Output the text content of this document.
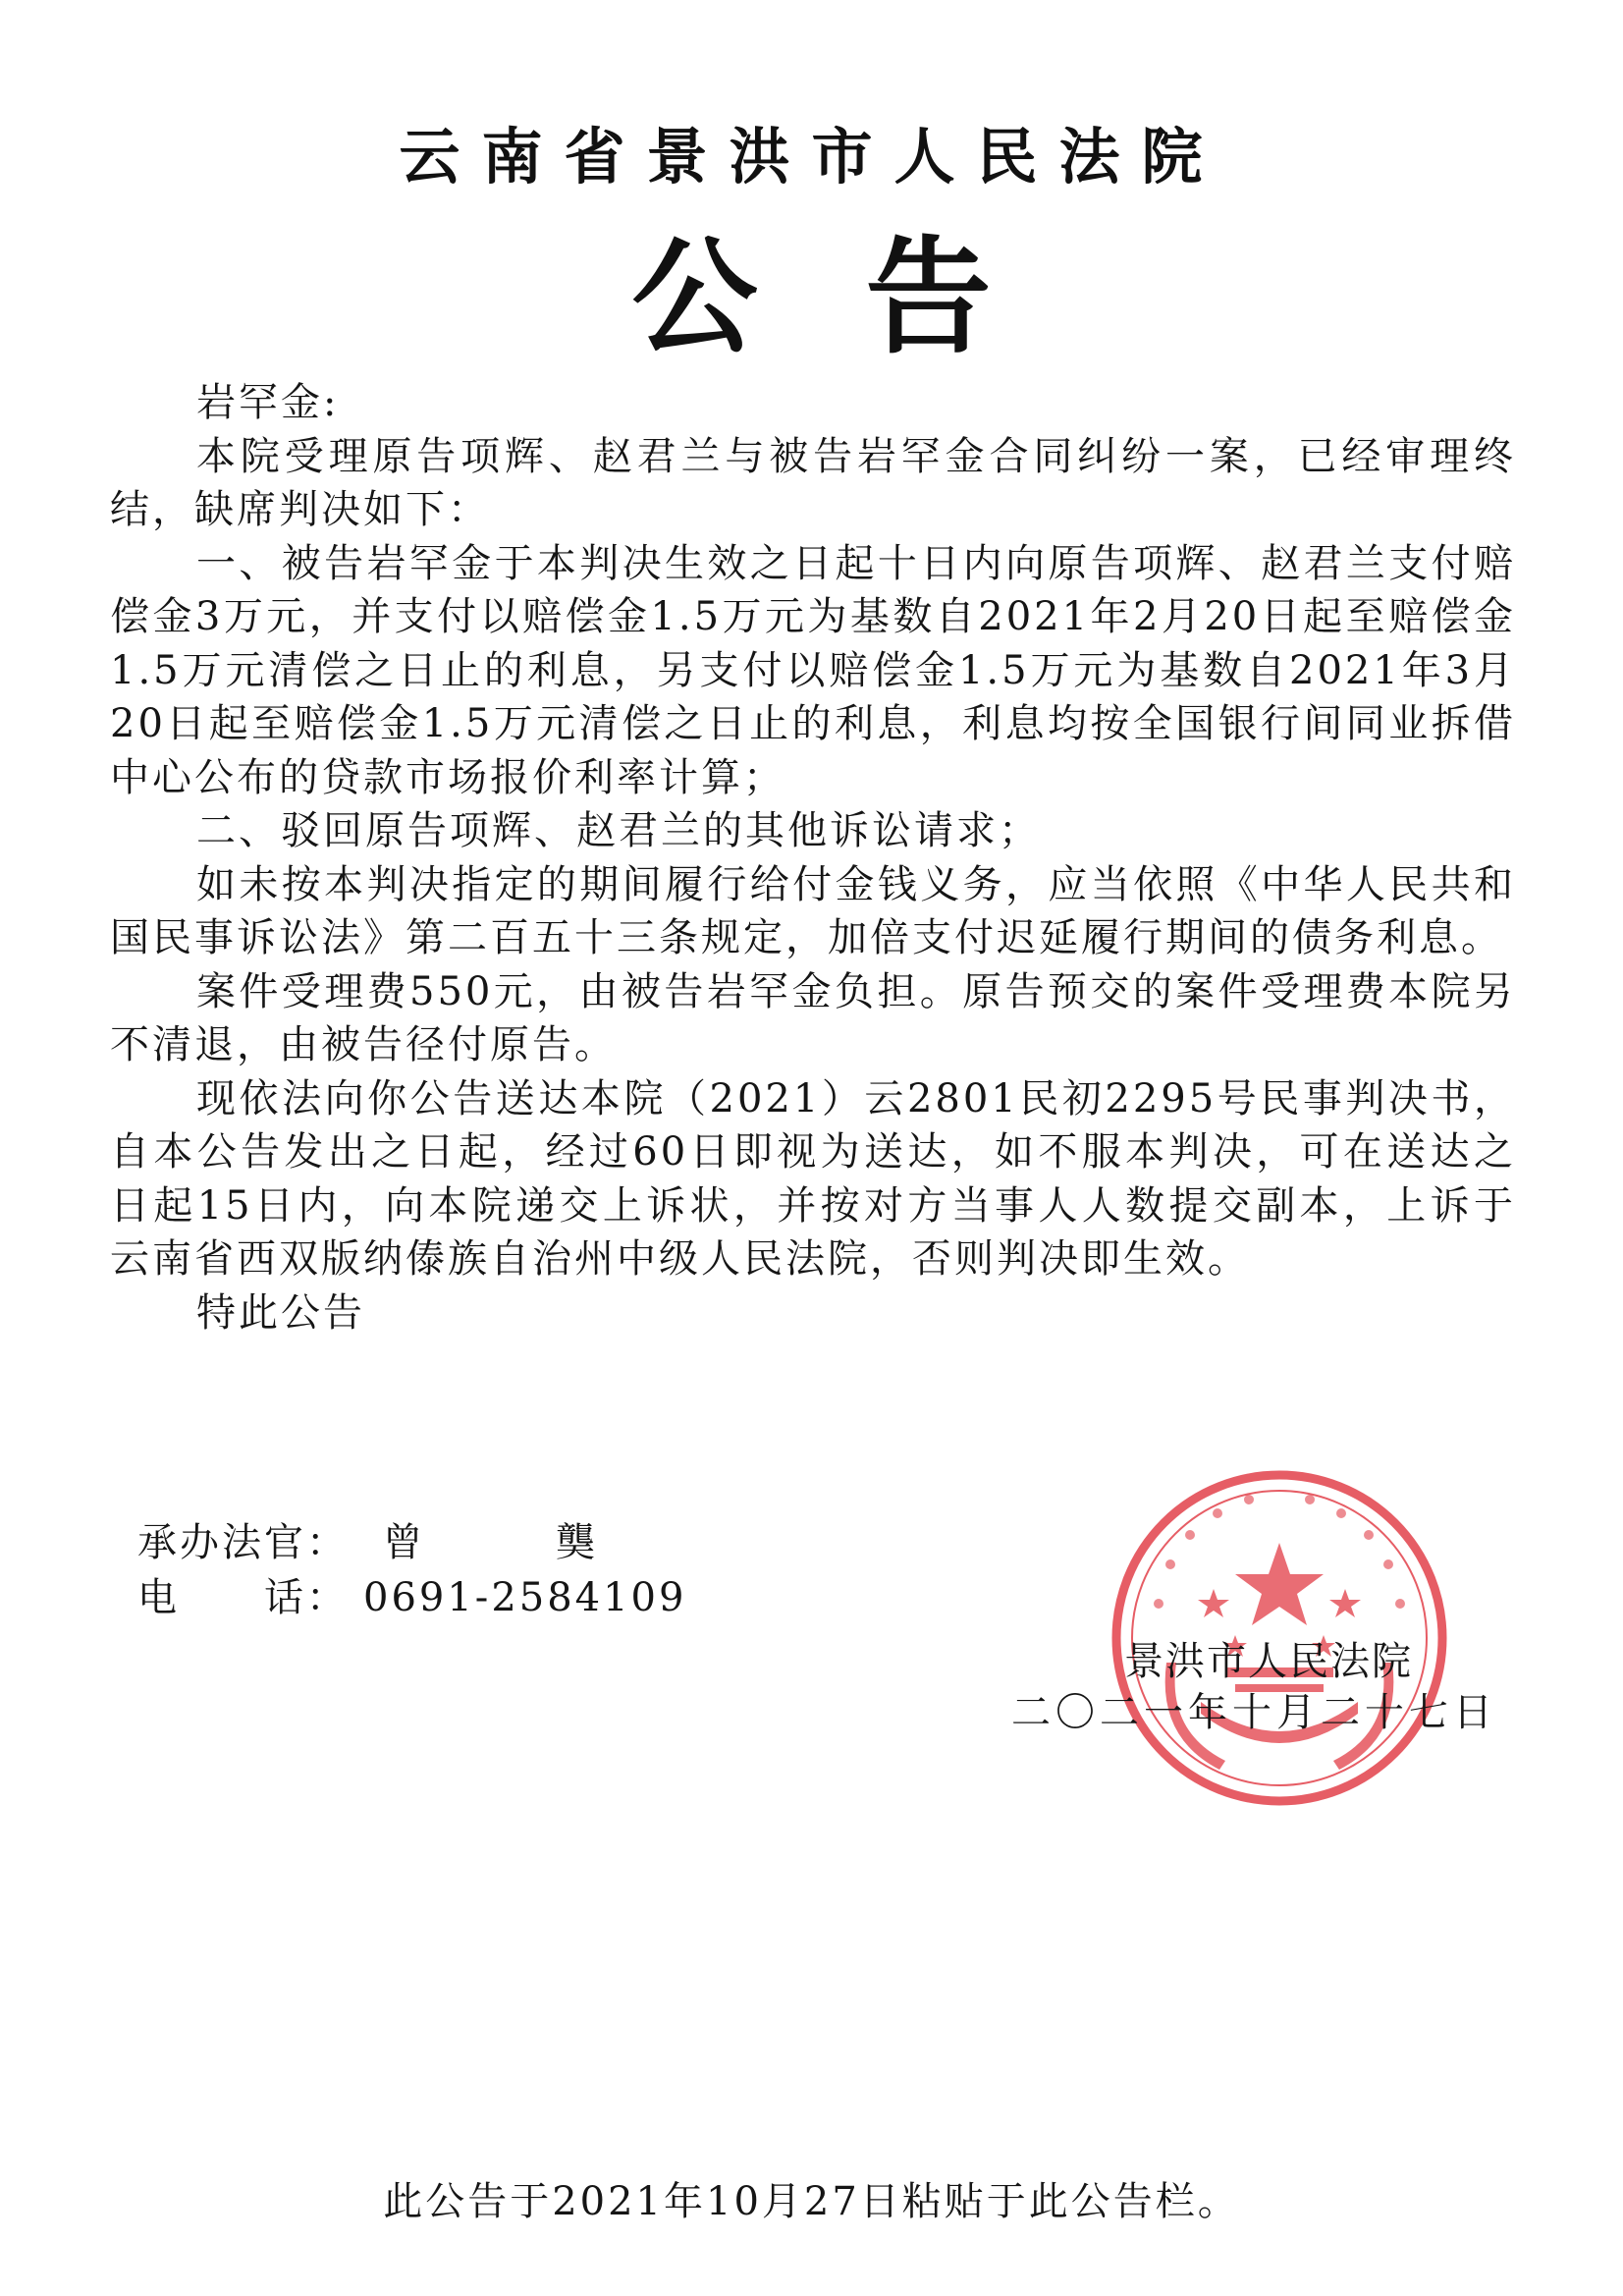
云南省景洪市人民法院
公告

岩罕金:

本院受理原告项辉、赵君兰与被告岩罕金合同纠纷一案，已经审理终结，缺席判决如下：

一、被告岩罕金于本判决生效之日起十日内向原告项辉、赵君兰支付赔偿金3万元，并支付以赔偿金1.5万元为基数自2021年2月20日起至赔偿金1.5万元清偿之日止的利息，另支付以赔偿金1.5万元为基数自2021年3月20日起至赔偿金1.5万元清偿之日止的利息，利息均按全国银行间同业拆借中心公布的贷款市场报价利率计算；

二、驳回原告项辉、赵君兰的其他诉讼请求；

如未按本判决指定的期间履行给付金钱义务，应当依照《中华人民共和国民事诉讼法》第二百五十三条规定，加倍支付迟延履行期间的债务利息。

案件受理费550元，由被告岩罕金负担。原告预交的案件受理费本院另不清退，由被告径付原告。

现依法向你公告送达本院（2021）云2801民初2295号民事判决书，自本公告发出之日起，经过60日即视为送达，如不服本判决，可在送达之日起15日内，向本院递交上诉状，并按对方当事人人数提交副本，上诉于云南省西双版纳傣族自治州中级人民法院，否则判决即生效。

特此公告

承办法官： 曾　龑
电　　话： 0691-2584109
景洪市人民法院
二〇二一年十月二十七日
此公告于2021年10月27日粘贴于此公告栏。
